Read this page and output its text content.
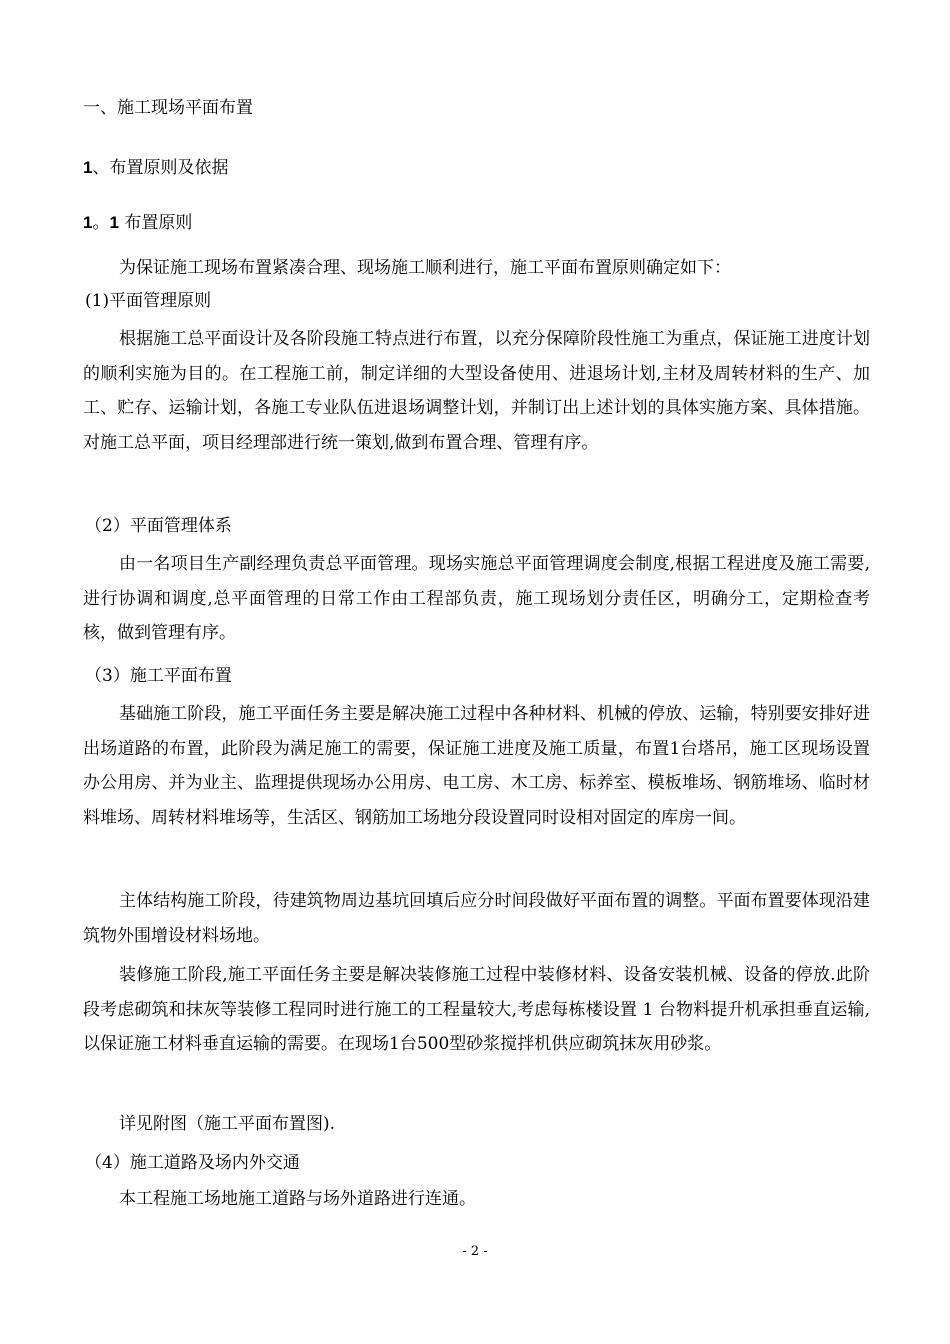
一、施工现场平面布置
1、布置原则及依据
1。1 布置原则
为保证施工现场布置紧凑合理、现场施工顺利进行，施工平面布置原则确定如下：
(1)平面管理原则
根据施工总平面设计及各阶段施工特点进行布置，以充分保障阶段性施工为重点，保证施工进度计划的顺利实施为目的。在工程施工前，制定详细的大型设备使用、进退场计划,主材及周转材料的生产、加工、贮存、运输计划，各施工专业队伍进退场调整计划，并制订出上述计划的具体实施方案、具体措施。对施工总平面，项目经理部进行统一策划,做到布置合理、管理有序。
（2）平面管理体系
由一名项目生产副经理负责总平面管理。现场实施总平面管理调度会制度,根据工程进度及施工需要,进行协调和调度,总平面管理的日常工作由工程部负责，施工现场划分责任区，明确分工，定期检查考核，做到管理有序。
（3）施工平面布置
基础施工阶段，施工平面任务主要是解决施工过程中各种材料、机械的停放、运输，特别要安排好进出场道路的布置，此阶段为满足施工的需要，保证施工进度及施工质量，布置1台塔吊，施工区现场设置办公用房、并为业主、监理提供现场办公用房、电工房、木工房、标养室、模板堆场、钢筋堆场、临时材料堆场、周转材料堆场等，生活区、钢筋加工场地分段设置同时设相对固定的库房一间。
主体结构施工阶段，待建筑物周边基坑回填后应分时间段做好平面布置的调整。平面布置要体现沿建筑物外围增设材料场地。
装修施工阶段,施工平面任务主要是解决装修施工过程中装修材料、设备安装机械、设备的停放.此阶段考虑砌筑和抹灰等装修工程同时进行施工的工程量较大,考虑每栋楼设置 1 台物料提升机承担垂直运输,以保证施工材料垂直运输的需要。在现场1台500型砂浆搅拌机供应砌筑抹灰用砂浆。
详见附图（施工平面布置图).
（4）施工道路及场内外交通
本工程施工场地施工道路与场外道路进行连通。
- 2 -
